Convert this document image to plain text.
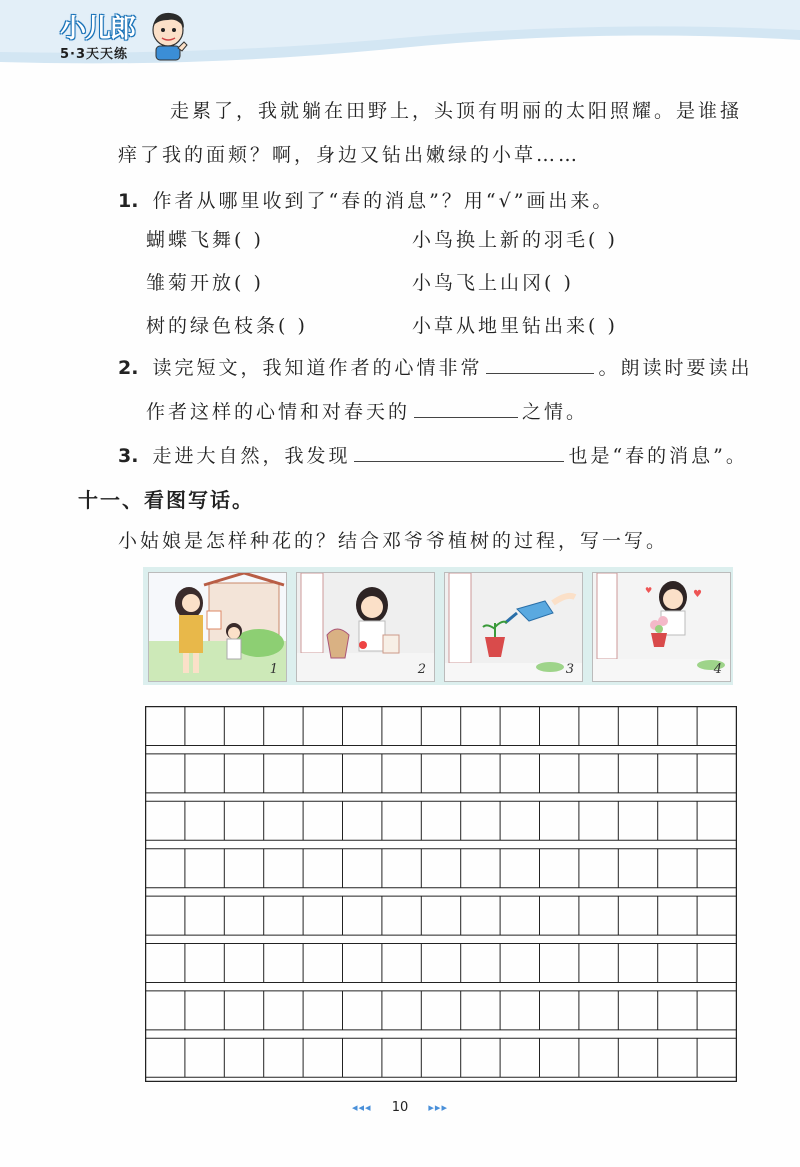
小儿郎
5·3天天练
走累了，我就躺在田野上，头顶有明丽的太阳照耀。是谁搔
痒了我的面颊？啊，身边又钻出嫩绿的小草……
1. 作者从哪里收到了“春的消息”？用“√”画出来。
蝴蝶飞舞( )	小鸟换上新的羽毛( )
雏菊开放( )	小鸟飞上山冈( )
树的绿色枝条( )	小草从地里钻出来( )
2. 读完短文，我知道作者的心情非常	。朗读时要读出
作者这样的心情和对春天的	之情。
3. 走进大自然，我发现	也是“春的消息”。
十一、看图写话。
小姑娘是怎样种花的？结合邓爷爷植树的过程，写一写。
1	2	3
♥
♥
4
◂◂◂ 10 ▸▸▸
